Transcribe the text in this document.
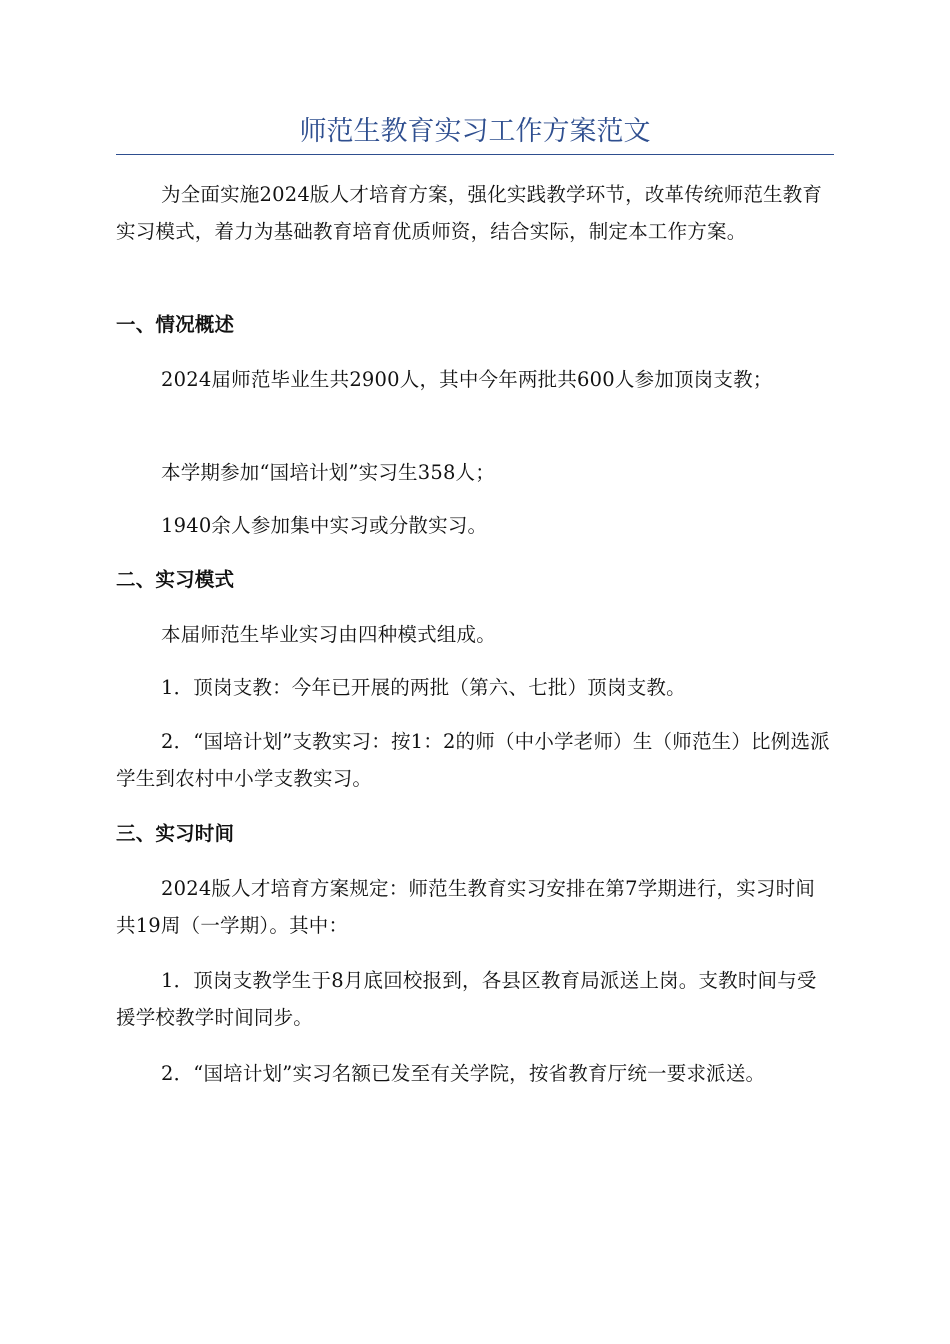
师范生教育实习工作方案范文

为全面实施2024版人才培育方案，强化实践教学环节，改革传统师范生教育实习模式，着力为基础教育培育优质师资，结合实际，制定本工作方案。

一、情况概述

2024届师范毕业生共2900人，其中今年两批共600人参加顶岗支教；

本学期参加“国培计划”实习生358人；

1940余人参加集中实习或分散实习。

二、实习模式

本届师范生毕业实习由四种模式组成。

1．顶岗支教：今年已开展的两批（第六、七批）顶岗支教。

2．“国培计划”支教实习：按1：2的师（中小学老师）生（师范生）比例选派学生到农村中小学支教实习。

三、实习时间

2024版人才培育方案规定：师范生教育实习安排在第7学期进行，实习时间共19周（一学期）。其中：

1．顶岗支教学生于8月底回校报到，各县区教育局派送上岗。支教时间与受援学校教学时间同步。

2．“国培计划”实习名额已发至有关学院，按省教育厅统一要求派送。
